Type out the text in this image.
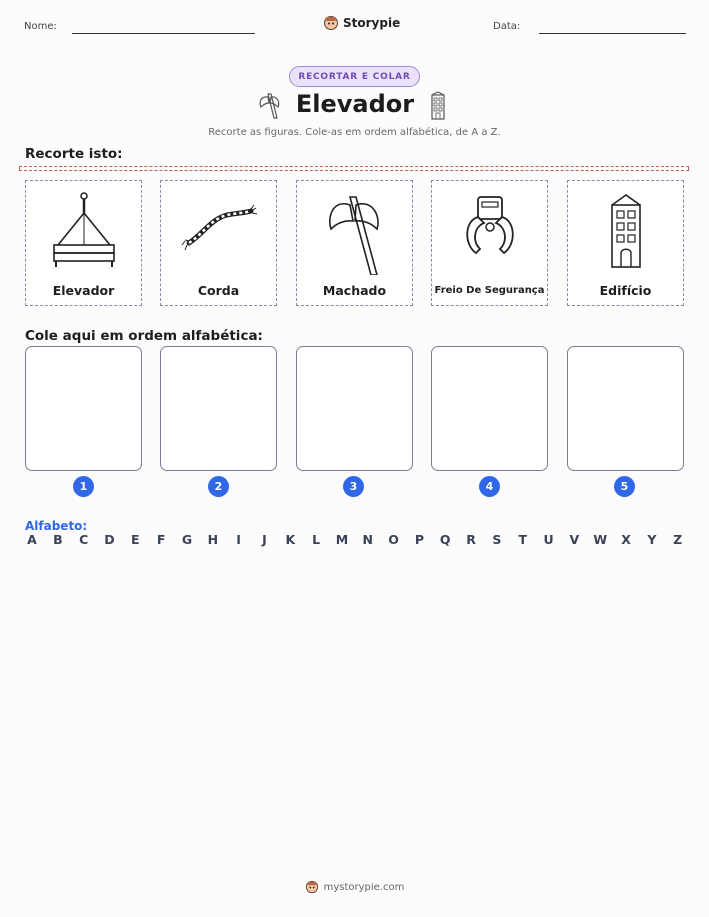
Nome:	Storypie	Data:
RECORTAR E COLAR
Elevador
Recorte as figuras. Cole-as em ordem alfabética, de A a Z.
Recorte isto:
Elevador	Corda	Machado	Freio De Segurança	Edifício
Cole aqui em ordem alfabética:
1	2	3	4	5
Alfabeto:
A B C D E F G H	I	J	K L M N O P Q R S T U V W X Y Z
mystorypie.com
